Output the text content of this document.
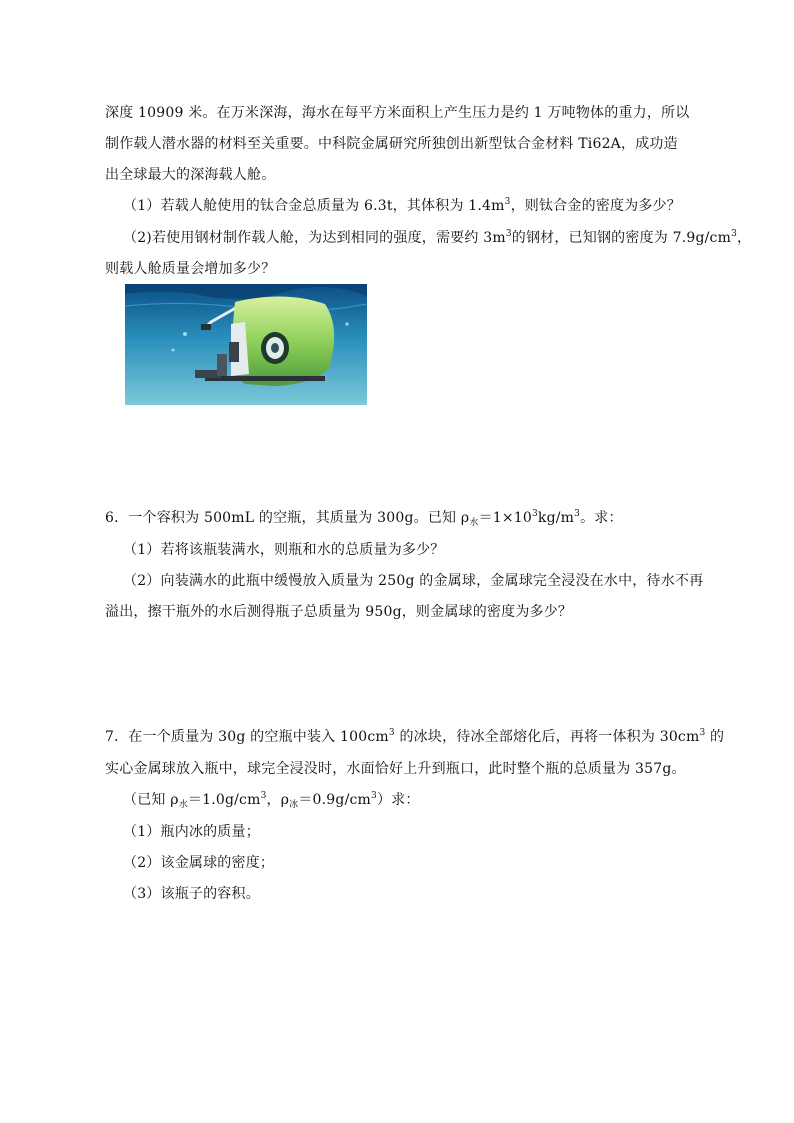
深度 10909 米。在万米深海，海水在每平方米面积上产生压力是约 1 万吨物体的重力，所以
制作载人潜水器的材料至关重要。中科院金属研究所独创出新型钛合金材料 Ti62A，成功造
出全球最大的深海载人舱。
（1）若载人舱使用的钛合金总质量为 6.3t，其体积为 $1.4m^3$，则钛合金的密度为多少？
（2)若使用钢材制作载人舱，为达到相同的强度，需要约 $3m^3$的钢材，已知钢的密度为 $7.9g/cm^3$，
则载人舱质量会增加多少？
6．一个容积为 500mL 的空瓶，其质量为 300g。已知 $\rho_水=1\times 10^3kg/m^3$。求：
（1）若将该瓶装满水，则瓶和水的总质量为多少？
（2）向装满水的此瓶中缓慢放入质量为 250g 的金属球，金属球完全浸没在水中，待水不再
溢出，擦干瓶外的水后测得瓶子总质量为 950g，则金属球的密度为多少？
7．在一个质量为 30g 的空瓶中装入 $100cm^3$ 的冰块，待冰全部熔化后，再将一体积为 $30cm^3$ 的
实心金属球放入瓶中，球完全浸没时，水面恰好上升到瓶口，此时整个瓶的总质量为 357g。
（已知 $\rho_水=1.0g/cm^3$，$\rho_冰=0.9g/cm^3$）求：
（1）瓶内冰的质量；
（2）该金属球的密度；
（3）该瓶子的容积。
